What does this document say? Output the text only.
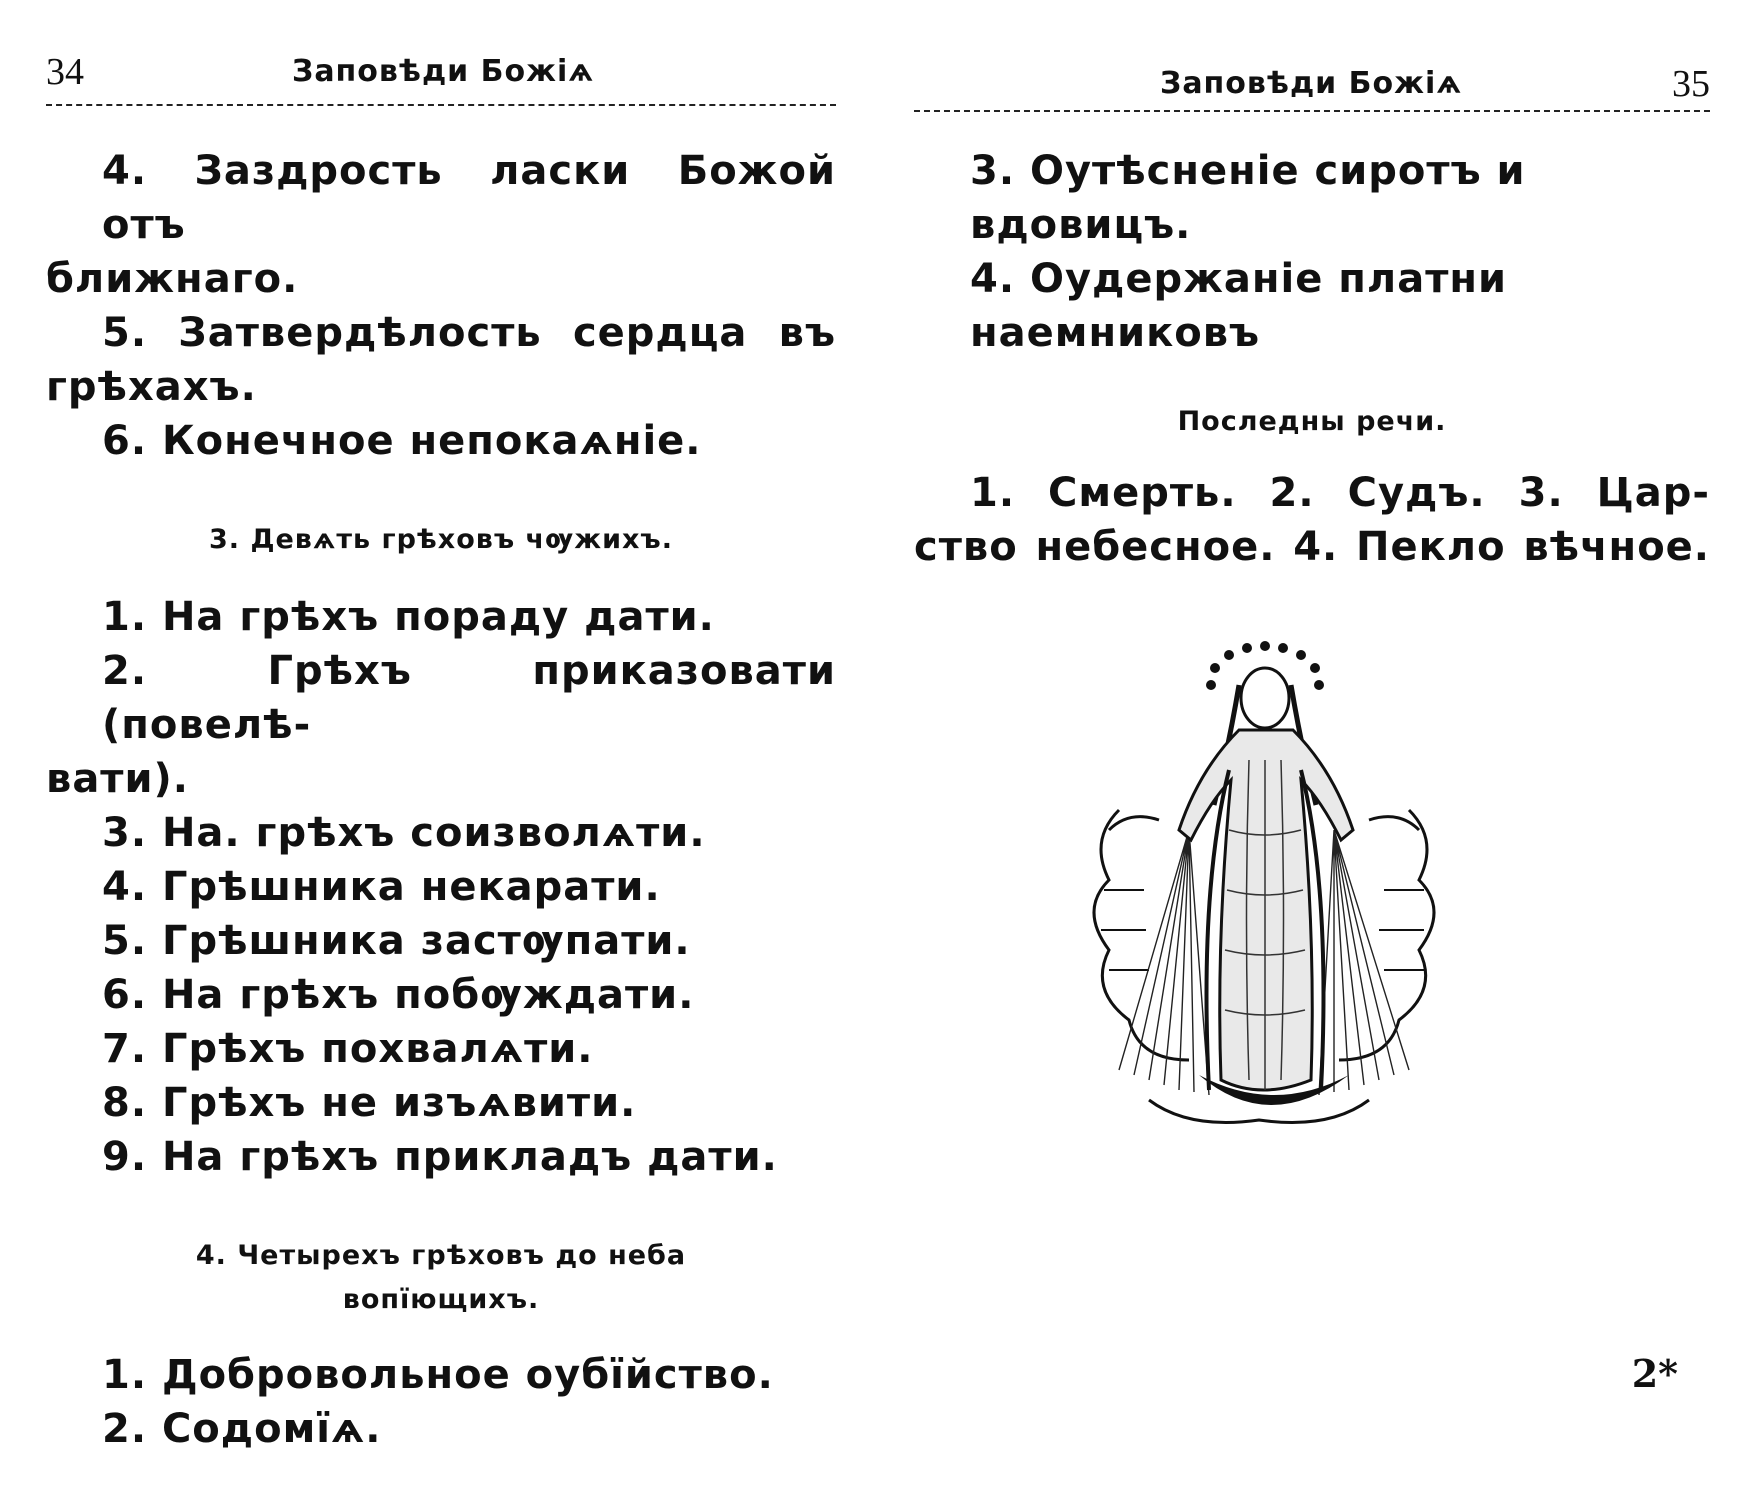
34	Заповѣди Божіѧ

4. Заздрость ласки Божой отъ

ближнаго.

5. Затвердѣлость сердца въ

грѣхахъ.

6. Конечное непокаѧніе.

3. Девѧть грѣховъ чѹжихъ.

1. На грѣхъ пораду дати.

2. Грѣхъ приказовати (повелѣ-

вати).

3. На. грѣхъ соизволѧти.

4. Грѣшника некарати.

5. Грѣшника застѹпати.

6. На грѣхъ побѹждати.

7. Грѣхъ похвалѧти.

8. Грѣхъ не изъѧвити.

9. На грѣхъ прикладъ дати.

4. Четырехъ грѣховъ до неба

вопїющихъ.

1. Добровольное оубїйство.

2. Содомїѧ.

Заповѣди Божіѧ	35

3. Оутѣсненіе сиротъ и вдовицъ.

4. Оудержаніе платни наемниковъ

Последны речи.

1. Смерть. 2. Судъ. 3. Цар-

ство небесное. 4. Пекло вѣчное.

2*
